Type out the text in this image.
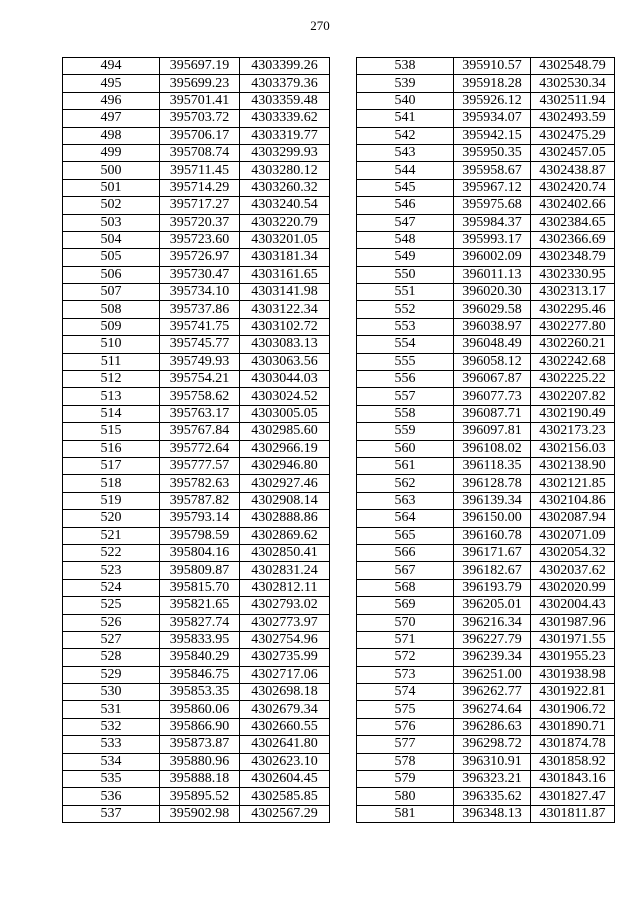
270
494	395697.19	4303399.26
495	395699.23	4303379.36
496	395701.41	4303359.48
497	395703.72	4303339.62
498	395706.17	4303319.77
499	395708.74	4303299.93
500	395711.45	4303280.12
501	395714.29	4303260.32
502	395717.27	4303240.54
503	395720.37	4303220.79
504	395723.60	4303201.05
505	395726.97	4303181.34
506	395730.47	4303161.65
507	395734.10	4303141.98
508	395737.86	4303122.34
509	395741.75	4303102.72
510	395745.77	4303083.13
511	395749.93	4303063.56
512	395754.21	4303044.03
513	395758.62	4303024.52
514	395763.17	4303005.05
515	395767.84	4302985.60
516	395772.64	4302966.19
517	395777.57	4302946.80
518	395782.63	4302927.46
519	395787.82	4302908.14
520	395793.14	4302888.86
521	395798.59	4302869.62
522	395804.16	4302850.41
523	395809.87	4302831.24
524	395815.70	4302812.11
525	395821.65	4302793.02
526	395827.74	4302773.97
527	395833.95	4302754.96
528	395840.29	4302735.99
529	395846.75	4302717.06
530	395853.35	4302698.18
531	395860.06	4302679.34
532	395866.90	4302660.55
533	395873.87	4302641.80
534	395880.96	4302623.10
535	395888.18	4302604.45
536	395895.52	4302585.85
537	395902.98	4302567.29
538	395910.57	4302548.79
539	395918.28	4302530.34
540	395926.12	4302511.94
541	395934.07	4302493.59
542	395942.15	4302475.29
543	395950.35	4302457.05
544	395958.67	4302438.87
545	395967.12	4302420.74
546	395975.68	4302402.66
547	395984.37	4302384.65
548	395993.17	4302366.69
549	396002.09	4302348.79
550	396011.13	4302330.95
551	396020.30	4302313.17
552	396029.58	4302295.46
553	396038.97	4302277.80
554	396048.49	4302260.21
555	396058.12	4302242.68
556	396067.87	4302225.22
557	396077.73	4302207.82
558	396087.71	4302190.49
559	396097.81	4302173.23
560	396108.02	4302156.03
561	396118.35	4302138.90
562	396128.78	4302121.85
563	396139.34	4302104.86
564	396150.00	4302087.94
565	396160.78	4302071.09
566	396171.67	4302054.32
567	396182.67	4302037.62
568	396193.79	4302020.99
569	396205.01	4302004.43
570	396216.34	4301987.96
571	396227.79	4301971.55
572	396239.34	4301955.23
573	396251.00	4301938.98
574	396262.77	4301922.81
575	396274.64	4301906.72
576	396286.63	4301890.71
577	396298.72	4301874.78
578	396310.91	4301858.92
579	396323.21	4301843.16
580	396335.62	4301827.47
581	396348.13	4301811.87
